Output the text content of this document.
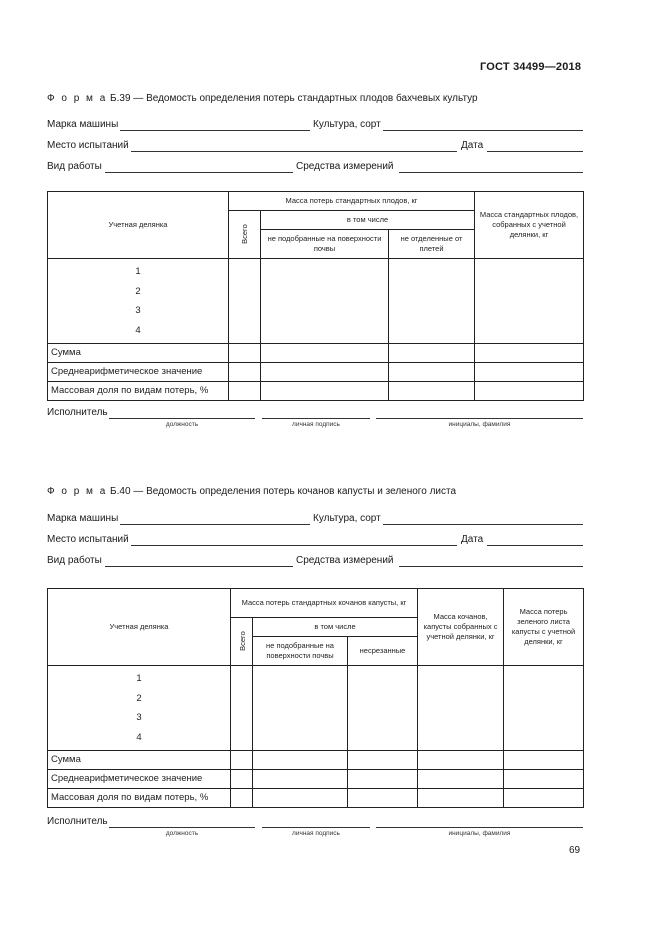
ГОСТ 34499—2018
Ф о р м а Б.39 — Ведомость определения потерь стандартных плодов бахчевых культур
Марка машины	Культура, сорт
Место испытаний	Дата
Вид работы	Средства измерений
Учетная делянка	Масса потерь стандартных плодов, кг			Масса стандартных плодов, собранных с учетной делянки, кг
	Всего	в том числе		
		не подобранные на поверхности почвы	не отделенные от плетей	

1
2
3
4				

Сумма				
Среднеарифметическое значение				
Массовая доля по видам потерь, %				
Исполнитель
должность	личная подпись	инициалы, фамилия
Ф о р м а Б.40 — Ведомость определения потерь кочанов капусты и зеленого листа
Марка машины	Культура, сорт
Место испытаний	Дата
Вид работы	Средства измерений
Учетная делянка	Масса потерь стандартных кочанов капусты, кг			Масса кочанов, капусты собранных с учетной делянки, кг	Масса потерь зеленого листа капусты с учетной делянки, кг
	Всего	в том числе			
		не подобранные на поверхности почвы	несрезанные		

1
2
3
4					

Сумма					
Среднеарифметическое значение					
Массовая доля по видам потерь, %					
Исполнитель
должность	личная подпись	инициалы, фамилия
69
